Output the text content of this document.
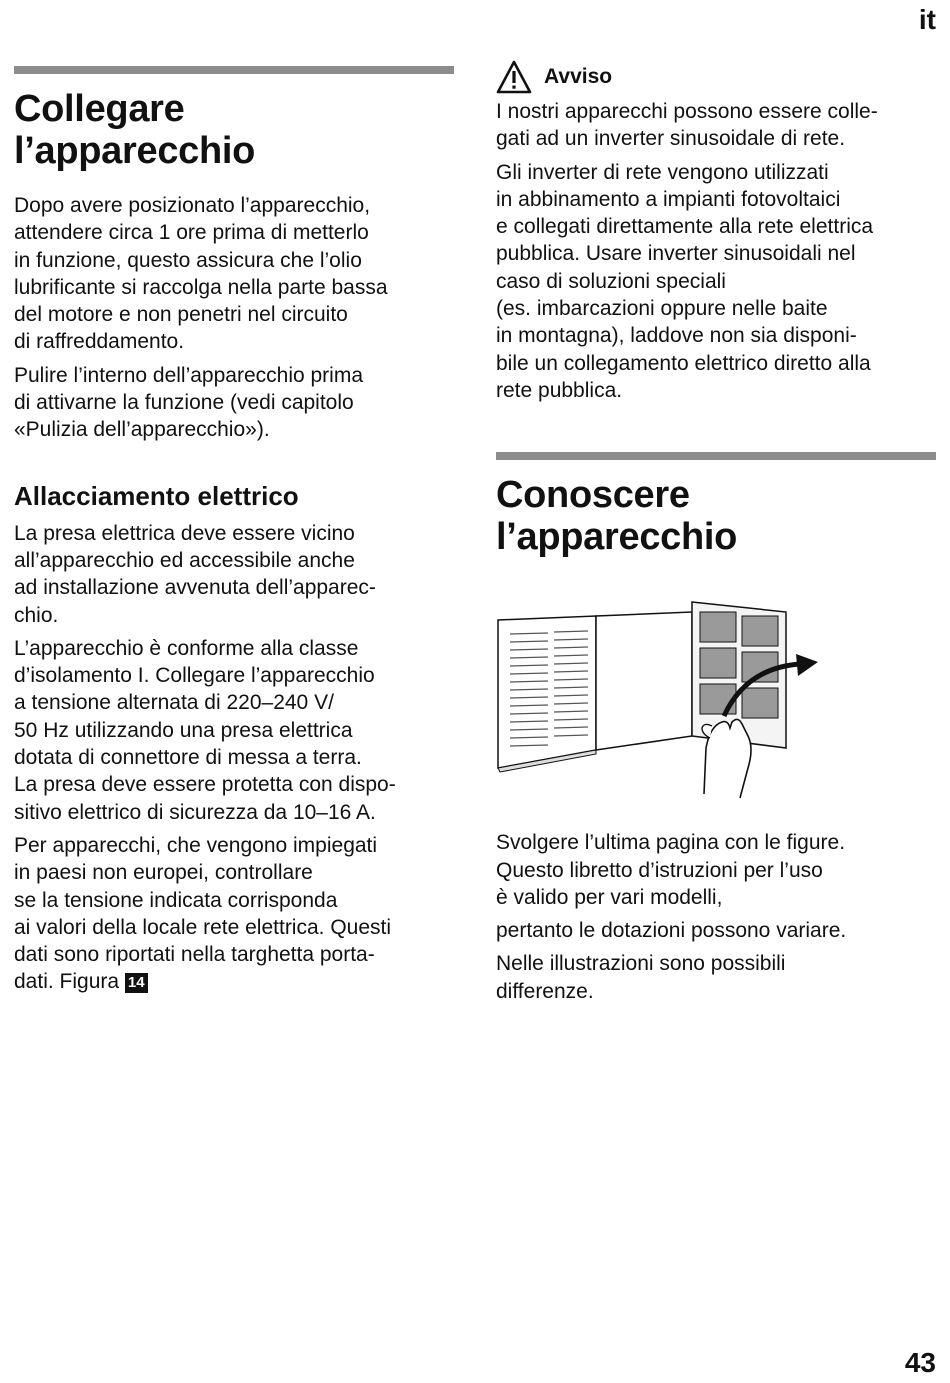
it
Collegare
l’apparecchio

Dopo avere posizionato l’apparecchio,
attendere circa 1 ore prima di metterlo
in funzione, questo assicura che l’olio
lubrificante si raccolga nella parte bassa
del motore e non penetri nel circuito
di raffreddamento.

Pulire l’interno dell’apparecchio prima
di attivarne la funzione (vedi capitolo
«Pulizia dell’apparecchio»).

Allacciamento elettrico

La presa elettrica deve essere vicino
all’apparecchio ed accessibile anche
ad installazione avvenuta dell’apparec-
chio.

L’apparecchio è conforme alla classe
d’isolamento I. Collegare l’apparecchio
a tensione alternata di 220–240 V/
50 Hz utilizzando una presa elettrica
dotata di connettore di messa a terra.
La presa deve essere protetta con dispo-
sitivo elettrico di sicurezza da 10–16 A.

Per apparecchi, che vengono impiegati
in paesi non europei, controllare
se la tensione indicata corrisponda
ai valori della locale rete elettrica. Questi
dati sono riportati nella targhetta porta-
dati. Figura 14

Avviso

I nostri apparecchi possono essere colle-
gati ad un inverter sinusoidale di rete.

Gli inverter di rete vengono utilizzati
in abbinamento a impianti fotovoltaici
e collegati direttamente alla rete elettrica
pubblica. Usare inverter sinusoidali nel
caso di soluzioni speciali
(es. imbarcazioni oppure nelle baite
in montagna), laddove non sia disponi-
bile un collegamento elettrico diretto alla
rete pubblica.

Conoscere
l’apparecchio

Svolgere l’ultima pagina con le figure.
Questo libretto d’istruzioni per l’uso
è valido per vari modelli,

pertanto le dotazioni possono variare.

Nelle illustrazioni sono possibili
differenze.

43
